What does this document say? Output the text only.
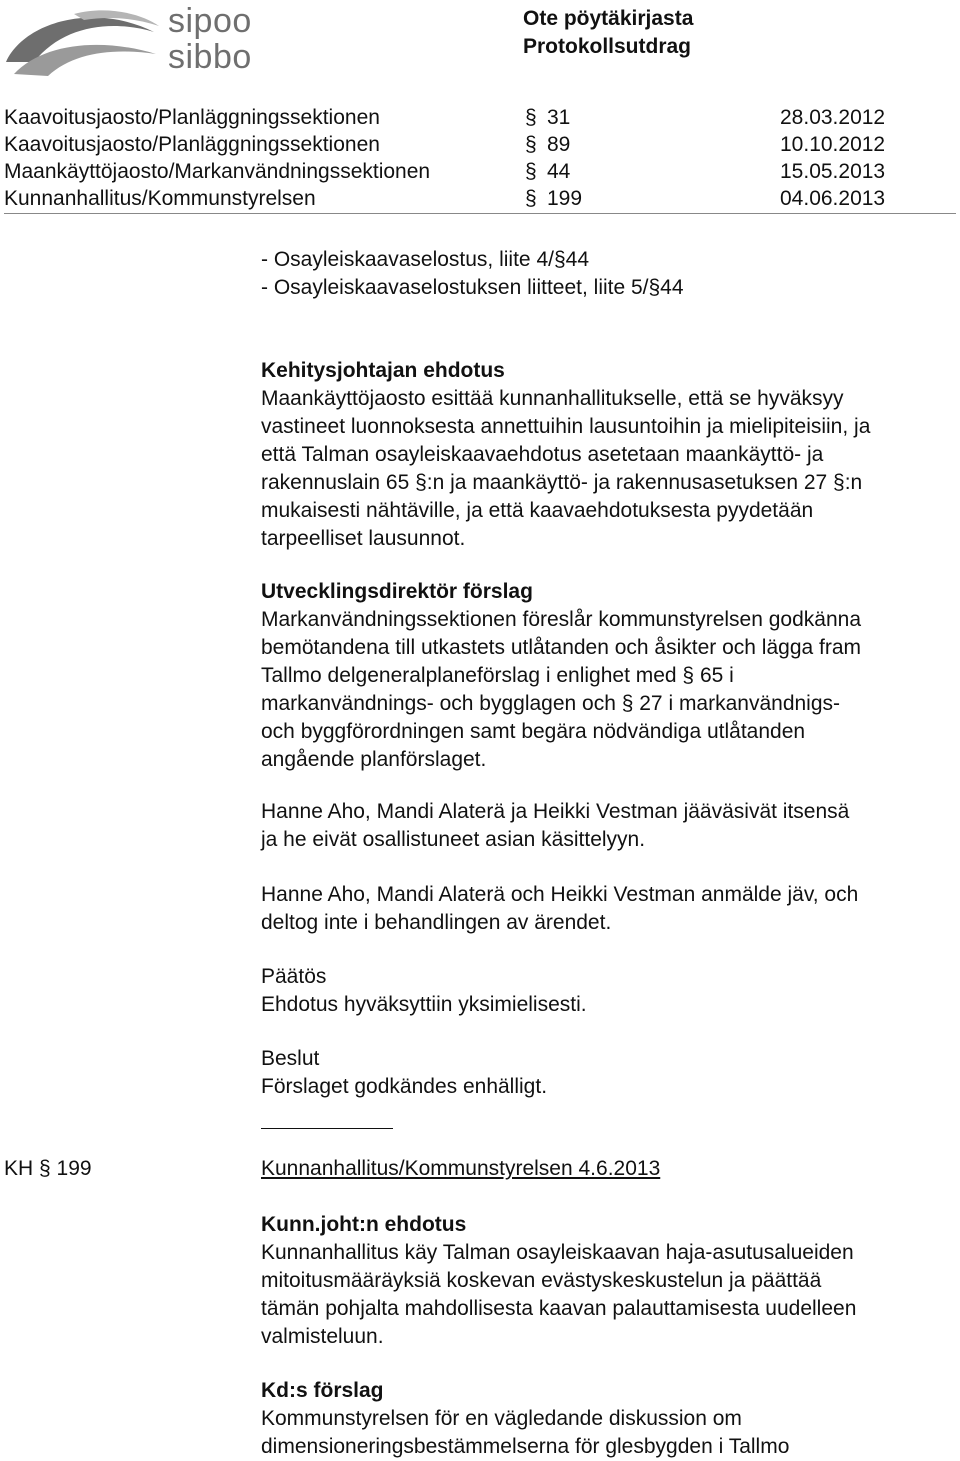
sipoo
sibbo
Ote pöytäkirjasta
Protokollsutdrag
Kaavoitusjaosto/Planläggningssektionen	§ 31	28.03.2012
Kaavoitusjaosto/Planläggningssektionen	§ 89	10.10.2012
Maankäyttöjaosto/Markanvändningssektionen	§ 44	15.05.2013
Kunnanhallitus/Kommunstyrelsen	§ 199	04.06.2013

- Osayleiskaavaselostus, liite 4/§44

- Osayleiskaavaselostuksen liitteet, liite 5/§44

Kehitysjohtajan ehdotus

Maankäyttöjaosto esittää kunnanhallitukselle, että se hyväksyy

vastineet luonnoksesta annettuihin lausuntoihin ja mielipiteisiin, ja

että Talman osayleiskaavaehdotus asetetaan maankäyttö- ja

rakennuslain 65 §:n ja maankäyttö- ja rakennusasetuksen 27 §:n

mukaisesti nähtäville, ja että kaavaehdotuksesta pyydetään

tarpeelliset lausunnot.

Utvecklingsdirektör förslag

Markanvändningssektionen föreslår kommunstyrelsen godkänna

bemötandena till utkastets utlåtanden och åsikter och lägga fram

Tallmo delgeneralplaneförslag i enlighet med § 65 i

markanvändnings- och bygglagen och § 27 i markanvändnigs-

och byggförordningen samt begära nödvändiga utlåtanden

angående planförslaget.

Hanne Aho, Mandi Alaterä ja Heikki Vestman jääväsivät itsensä

ja he eivät osallistuneet asian käsittelyyn.

Hanne Aho, Mandi Alaterä och Heikki Vestman anmälde jäv, och

deltog inte i behandlingen av ärendet.

Päätös

Ehdotus hyväksyttiin yksimielisesti.

Beslut

Förslaget godkändes enhälligt.

Kunn.joht:n ehdotus

Kunnanhallitus käy Talman osayleiskaavan haja-asutusalueiden

mitoitusmääräyksiä koskevan evästyskeskustelun ja päättää

tämän pohjalta mahdollisesta kaavan palauttamisesta uudelleen

valmisteluun.

Kd:s förslag

Kommunstyrelsen för en vägledande diskussion om

dimensioneringsbestämmelserna för glesbygden i Tallmo

KH § 199	Kunnanhallitus/Kommunstyrelsen 4.6.2013
